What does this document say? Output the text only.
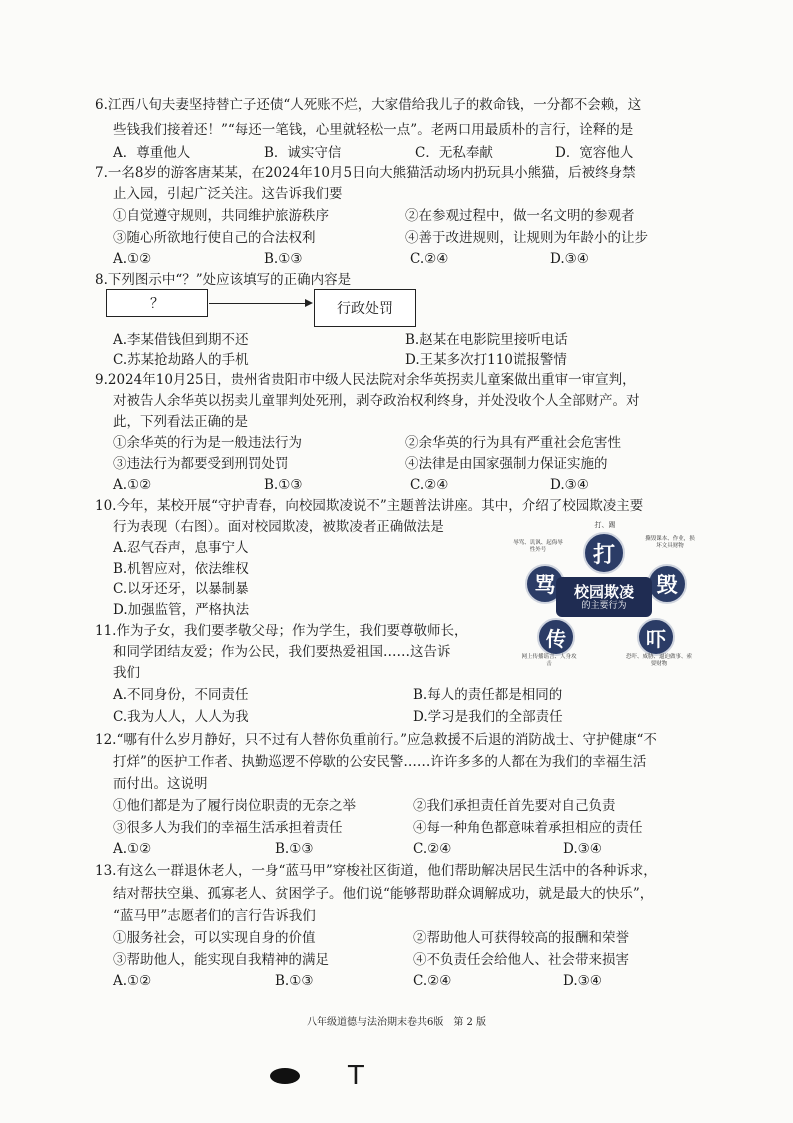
6.江西八旬夫妻坚持替亡子还债“人死账不烂，大家借给我儿子的救命钱，一分都不会赖，这
些钱我们接着还！”“每还一笔钱，心里就轻松一点”。老两口用最质朴的言行，诠释的是
A．尊重他人	B．诚实守信	C．无私奉献	D．宽容他人
7.一名8岁的游客唐某某，在2024年10月5日向大熊猫活动场内扔玩具小熊猫，后被终身禁
止入园，引起广泛关注。这告诉我们要
①自觉遵守规则，共同维护旅游秩序	②在参观过程中，做一名文明的参观者
③随心所欲地行使自己的合法权利	④善于改进规则，让规则为年龄小的让步
A.①②	B.①③	C.②④	D.③④
8.下列图示中“？”处应该填写的正确内容是
？	行政处罚
A.李某借钱但到期不还	B.赵某在电影院里接听电话
C.苏某抢劫路人的手机	D.王某多次打110谎报警情
9.2024年10月25日，贵州省贵阳市中级人民法院对余华英拐卖儿童案做出重审一审宣判，
对被告人余华英以拐卖儿童罪判处死刑，剥夺政治权利终身，并处没收个人全部财产。对
此，下列看法正确的是
①余华英的行为是一般违法行为	②余华英的行为具有严重社会危害性
③违法行为都要受到刑罚处罚	④法律是由国家强制力保证实施的
A.①②	B.①③	C.②④	D.③④
10.今年，某校开展“守护青春，向校园欺凌说不”主题普法讲座。其中，介绍了校园欺凌主要
行为表现（右图）。面对校园欺凌，被欺凌者正确做法是
A.忍气吞声，息事宁人
B.机智应对，依法维权
C.以牙还牙，以暴制暴
D.加强监管，严格执法
打、踢
打
骂	毁
传	吓
辱骂、讥讽、起侮辱性外号
撕毁课本、作业，损坏文具财物
网上传播谣言、人身攻击
恐吓、威胁、逼迫做事、索要财物
校园欺凌
的主要行为
11.作为子女，我们要孝敬父母；作为学生，我们要尊敬师长，
和同学团结友爱；作为公民，我们要热爱祖国……这告诉
我们
A.不同身份，不同责任	B.每人的责任都是相同的
C.我为人人，人人为我	D.学习是我们的全部责任
12.“哪有什么岁月静好，只不过有人替你负重前行。”应急救援不后退的消防战士、守护健康“不
打烊”的医护工作者、执勤巡逻不停歇的公安民警……许许多多的人都在为我们的幸福生活
而付出。这说明
①他们都是为了履行岗位职责的无奈之举	②我们承担责任首先要对自己负责
③很多人为我们的幸福生活承担着责任	④每一种角色都意味着承担相应的责任
A.①②	B.①③	C.②④	D.③④
13.有这么一群退休老人，一身“蓝马甲”穿梭社区街道，他们帮助解决居民生活中的各种诉求，
结对帮扶空巢、孤寡老人、贫困学子。他们说“能够帮助群众调解成功，就是最大的快乐”，
“蓝马甲”志愿者们的言行告诉我们
①服务社会，可以实现自身的价值	②帮助他人可获得较高的报酬和荣誉
③帮助他人，能实现自我精神的满足	④不负责任会给他人、社会带来损害
A.①②	B.①③	C.②④	D.③④
八年级道德与法治期末卷共6版　第 2 版
T
